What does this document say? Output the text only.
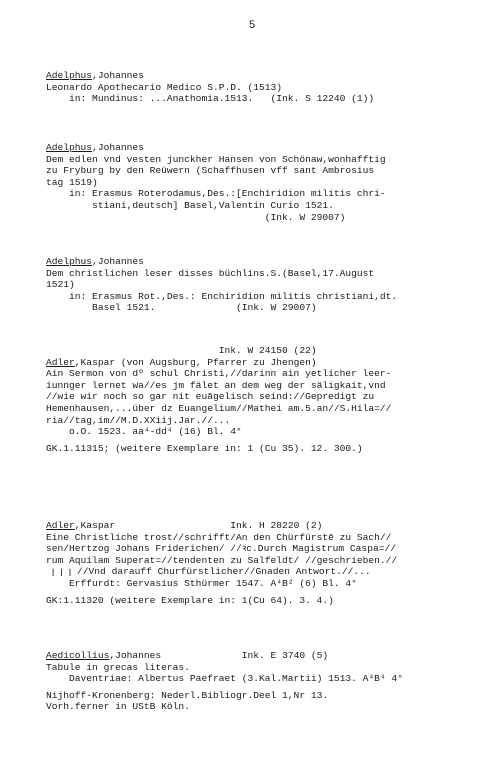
5
Adelphus,Johannes
Leonardo Apothecario Medico S.P.D. (1513)
in: Mundinus: ...Anathomia.1513.   (Ink. S 12240 (1))
Adelphus,Johannes
Dem edlen vnd vesten junckher Hansen von Schönaw,wonhafftig
zu Fryburg by den Reüwern (Schaffhusen vff sant Ambrosius
tag 1519)
in: Erasmus Roterodamus,Des.:[Enchiridion militis chri-
stiani,deutsch] Basel,Valentin Curio 1521.
(Ink. W 29007)
Adelphus,Johannes
Dem christlichen leser disses büchlins.S.(Basel,17.August
1521)
in: Erasmus Rot.,Des.: Enchiridion militis christiani,dt.
Basel 1521.              (Ink. W 29007)
Ink. W 24150 (22)
Adler,Kaspar (von Augsburg, Pfarrer zu Jhengen)
Ain Sermon von dº schul Christi,//darinn ain yetlicher leer-
iunnger lernet wa//es jm fälet an dem weg der säligkait,vnd
//wie wir noch so gar nit euāgelisch seind://Gepredigt zu
Hemenhausen,...über dz Euangelium//Mathei am.5.an//S.Hila=//
ria//tag,im//M.D.XXiij.Jar.//...
o.O. 1523. aa⁴-dd⁴ (16) Bl. 4°
GK.1.11315; (weitere Exemplare in: 1 (Cu 35). 12. 300.)
Adler,Kaspar                    Ink. H 28220 (2)
Eine Christliche trost//schrifft/An den Chürfürstē zu Sach//
sen/Hertzog Johans Friderichen/ //ꝛc.Durch Magistrum Caspa=//
rum Aquilam Superat=//tendenten zu Salfeldt/ //geschrieben.//
ꞁ ꞁ ꞁ //Vnd darauff Churfürstlicher//Gnaden Antwort.//...
Erffurdt: Gervasius Sthürmer 1547. A⁴B² (6) Bl. 4°
GK:1.11320 (weitere Exemplare in: 1(Cu 64). 3. 4.)
Aedicollius,Johannes              Ink. E 3740 (5)
Tabule in grecas literas.
Daventriae: Albertus Paefraet (3.Kal.Martii) 1513. A⁴B⁴ 4°
Nijhoff-Kronenberg: Nederl.Bibliogr.Deel 1,Nr 13.
Vorh.ferner in UStB Köln.
